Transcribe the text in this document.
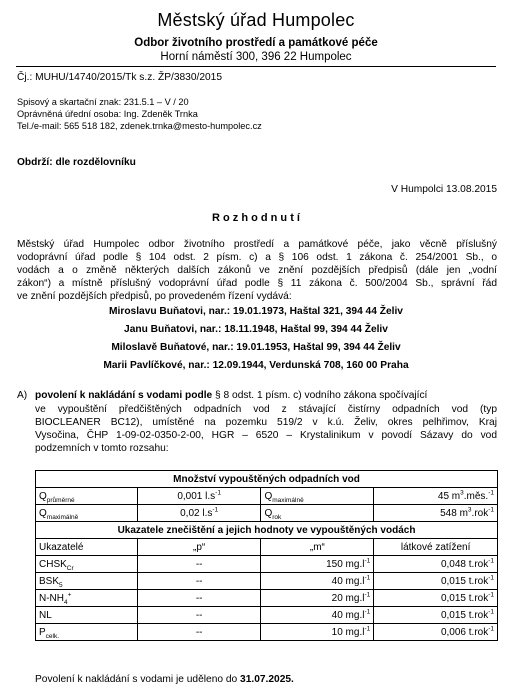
Městský úřad Humpolec
Odbor životního prostředí a památkové péče
Horní náměstí 300, 396 22 Humpolec
Čj.: MUHU/14740/2015/Tk s.z. ŽP/3830/2015
Spisový a skartační znak: 231.5.1 – V / 20
Oprávněná úřední osoba: Ing. Zdeněk Trnka
Tel./e-mail: 565 518 182, zdenek.trnka@mesto-humpolec.cz
Obdrží: dle rozdělovníku
V Humpolci 13.08.2015
R o z h o d n u t í
Městský úřad Humpolec odbor životního prostředí a památkové péče, jako věcně příslušný
vodoprávní úřad podle § 104 odst. 2 písm. c) a § 106 odst. 1 zákona č. 254/2001 Sb., o
vodách a o změně některých dalších zákonů ve znění pozdějších předpisů (dále jen „vodní
zákon“) a místně příslušný vodoprávní úřad podle § 11 zákona č. 500/2004 Sb., správní řád
ve znění pozdějších předpisů, po provedeném řízení vydává:
Miroslavu Buňatovi, nar.: 19.01.1973, Haštal 321, 394 44 Želiv
Janu Buňatovi, nar.: 18.11.1948, Haštal 99, 394 44 Želiv
Miloslavě Buňatové, nar.: 19.01.1953, Haštal 99, 394 44 Želiv
Marii Pavlíčkové, nar.: 12.09.1944, Verdunská 708, 160 00 Praha
A) povolení k nakládání s vodami podle § 8 odst. 1 písm. c) vodního zákona spočívající
ve vypouštění předčištěných odpadních vod z stávající čistírny odpadních vod (typ
BIOCLEANER BC12), umístěné na pozemku 519/2 v k.ú. Želiv, okres pelhřimov, Kraj
Vysočina, ČHP 1-09-02-0350-2-00, HGR – 6520 – Krystalinikum v povodí Sázavy do vod
podzemních v tomto rozsahu:
Množství vypouštěných odpadních vod			
$Q_{průměrné}$	0,001 $l.s^{-1}$	$Q_{maximálně}$	45 $m^3.měs.^{-1}$
$Q_{maximálně}$	0,02 $l.s^{-1}$	$Q_{rok}$	548 $m^3.rok^{-1}$
Ukazatele znečištění a jejich hodnoty ve vypouštěných vodách			
Ukazatelé	„p“	„m“	látkové zatížení
$CHSK_{Cr}$	--	150 $mg.l^{-1}$	0,048 t.rok$^{-1}$
$BSK_5$	--	40 $mg.l^{-1}$	0,015 t.rok$^{-1}$
$N-NH_4^+$	--	20 $mg.l^{-1}$	0,015 t.rok$^{-1}$
NL	--	40 $mg.l^{-1}$	0,015 t.rok$^{-1}$
$P_{celk.}$	--	10 $mg.l^{-1}$	0,006 t.rok$^{-1}$
Povolení k nakládání s vodami je uděleno do 31.07.2025.
